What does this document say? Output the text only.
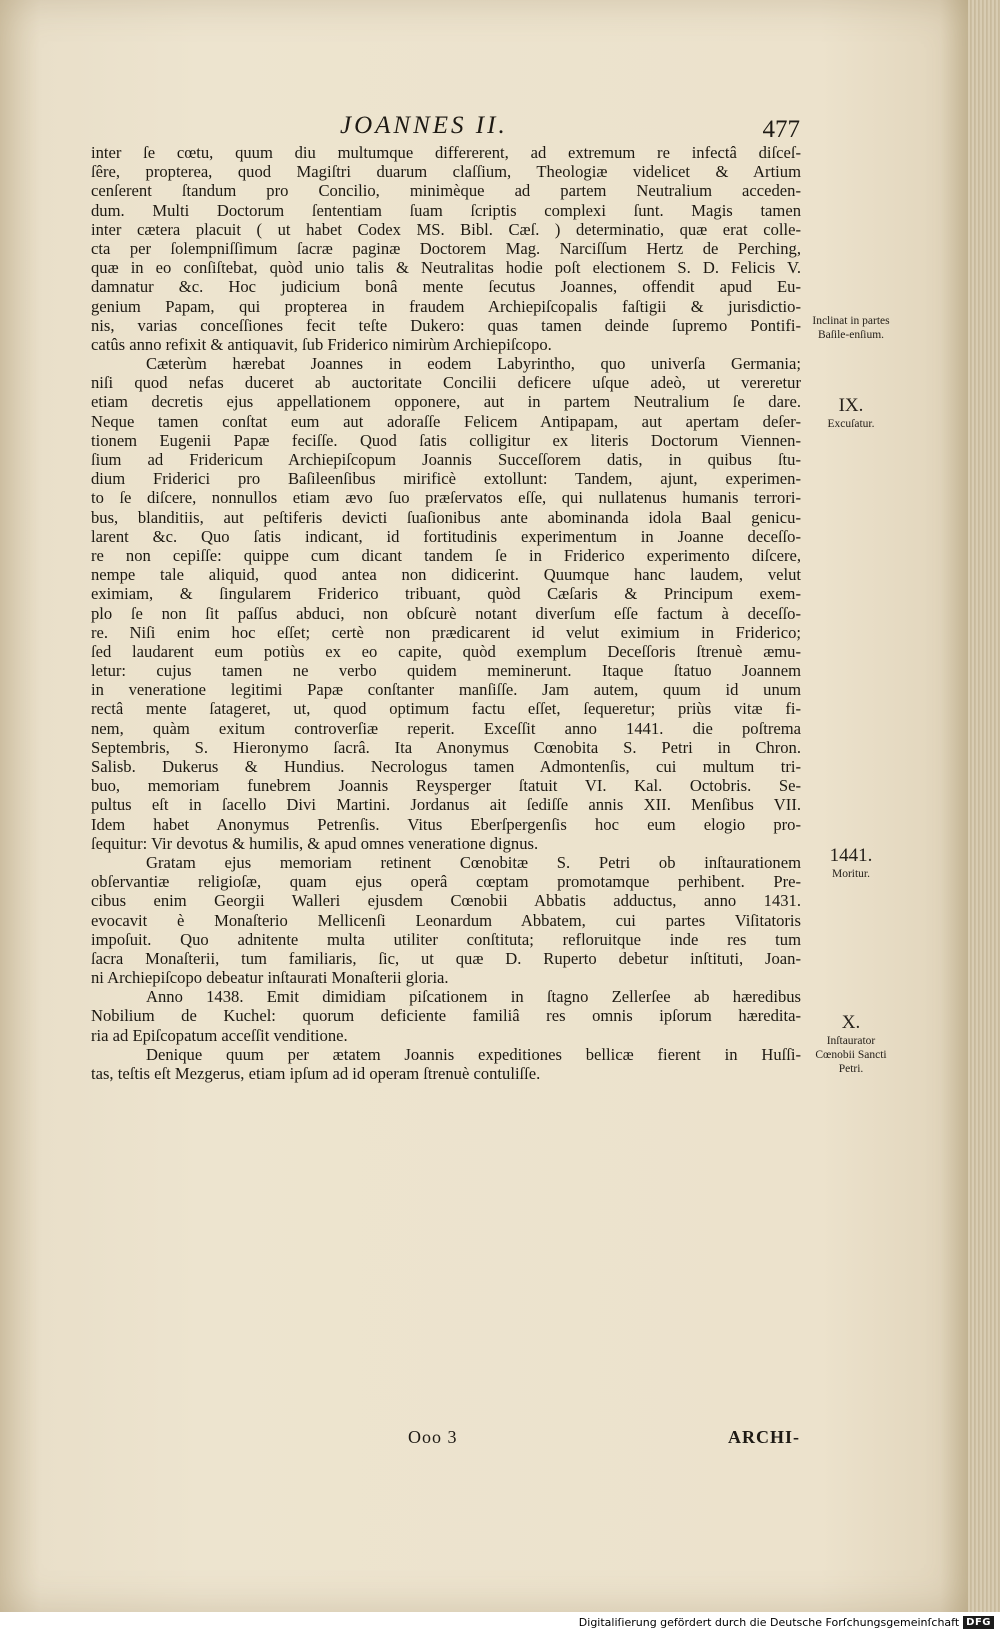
JOANNES II.	477
inter ſe cœtu, quum diu multumque differerent, ad extremum re infectâ diſceſ-
ſêre, propterea, quod Magiſtri duarum claſſium, Theologiæ videlicet & Artium
cenſerent ſtandum pro Concilio, minimèque ad partem Neutralium acceden-
dum. Multi Doctorum ſententiam ſuam ſcriptis complexi ſunt. Magis tamen
inter cætera placuit ( ut habet Codex MS. Bibl. Cæſ. ) determinatio, quæ erat colle-
cta per ſolempniſſimum ſacræ paginæ Doctorem Mag. Narciſſum Hertz de Perching,
quæ in eo conſiſtebat, quòd unio talis & Neutralitas hodie poſt electionem S. D. Felicis V.
damnatur &c. Hoc judicium bonâ mente ſecutus Joannes, offendit apud Eu-
genium Papam, qui propterea in fraudem Archiepiſcopalis faſtigii & jurisdictio-
nis, varias conceſſiones fecit teſte Dukero: quas tamen deinde ſupremo Pontifi-
catûs anno refixit & antiquavit, ſub Friderico nimirùm Archiepiſcopo.
Cæterùm hærebat Joannes in eodem Labyrintho, quo univerſa Germania;
niſi quod nefas duceret ab auctoritate Concilii deficere uſque adeò, ut vereretur
etiam decretis ejus appellationem opponere, aut in partem Neutralium ſe dare.
Neque tamen conſtat eum aut adoraſſe Felicem Antipapam, aut apertam deſer-
tionem Eugenii Papæ feciſſe. Quod ſatis colligitur ex literis Doctorum Viennen-
ſium ad Fridericum Archiepiſcopum Joannis Succeſſorem datis, in quibus ſtu-
dium Friderici pro Baſileenſibus mirificè extollunt: Tandem, ajunt, experimen-
to ſe diſcere, nonnullos etiam ævo ſuo præſervatos eſſe, qui nullatenus humanis terrori-
bus, blanditiis, aut peſtiferis devicti ſuaſionibus ante abominanda idola Baal genicu-
larent &c. Quo ſatis indicant, id fortitudinis experimentum in Joanne deceſſo-
re non cepiſſe: quippe cum dicant tandem ſe in Friderico experimento diſcere,
nempe tale aliquid, quod antea non didicerint. Quumque hanc laudem, velut
eximiam, & ſingularem Friderico tribuant, quòd Cæſaris & Principum exem-
plo ſe non ſit paſſus abduci, non obſcurè notant diverſum eſſe factum à deceſſo-
re. Niſi enim hoc eſſet; certè non prædicarent id velut eximium in Friderico;
ſed laudarent eum potiùs ex eo capite, quòd exemplum Deceſſoris ſtrenuè æmu-
letur: cujus tamen ne verbo quidem meminerunt. Itaque ſtatuo Joannem
in veneratione legitimi Papæ conſtanter manſiſſe. Jam autem, quum id unum
rectâ mente ſatageret, ut, quod optimum factu eſſet, ſequeretur; priùs vitæ fi-
nem, quàm exitum controverſiæ reperit. Exceſſit anno 1441. die poſtrema
Septembris, S. Hieronymo ſacrâ. Ita Anonymus Cœnobita S. Petri in Chron.
Salisb. Dukerus & Hundius. Necrologus tamen Admontenſis, cui multum tri-
buo, memoriam funebrem Joannis Reysperger ſtatuit VI. Kal. Octobris. Se-
pultus eſt in ſacello Divi Martini. Jordanus ait ſediſſe annis XII. Menſibus VII.
Idem habet Anonymus Petrenſis. Vitus Eberſpergenſis hoc eum elogio pro-
ſequitur: Vir devotus & humilis, & apud omnes veneratione dignus.
Gratam ejus memoriam retinent Cœnobitæ S. Petri ob inſtaurationem
obſervantiæ religioſæ, quam ejus operâ cœptam promotamque perhibent. Pre-
cibus enim Georgii Walleri ejusdem Cœnobii Abbatis adductus, anno 1431.
evocavit è Monaſterio Mellicenſi Leonardum Abbatem, cui partes Viſitatoris
impoſuit. Quo adnitente multa utiliter conſtituta; refloruitque inde res tum
ſacra Monaſterii, tum familiaris, ſic, ut quæ D. Ruperto debetur inſtituti, Joan-
ni Archiepiſcopo debeatur inſtaurati Monaſterii gloria.
Anno 1438. Emit dimidiam piſcationem in ſtagno Zellerſee ab hæredibus
Nobilium de Kuchel: quorum deficiente familiâ res omnis ipſorum hæredita-
ria ad Epiſcopatum acceſſit venditione.
Denique quum per ætatem Joannis expeditiones bellicæ fierent in Huſſi-
tas, teſtis eſt Mezgerus, etiam ipſum ad id operam ſtrenuè contuliſſe.
Inclinat in partes Baſile-enſium.
IX.
Excuſatur.
1441.
Moritur.
X.
Inſtaurator Cœnobii Sancti Petri.
Ooo 3	ARCHI-
Digitaliſierung gefördert durch die Deutsche Forſchungsgemeinſchaft DFG
